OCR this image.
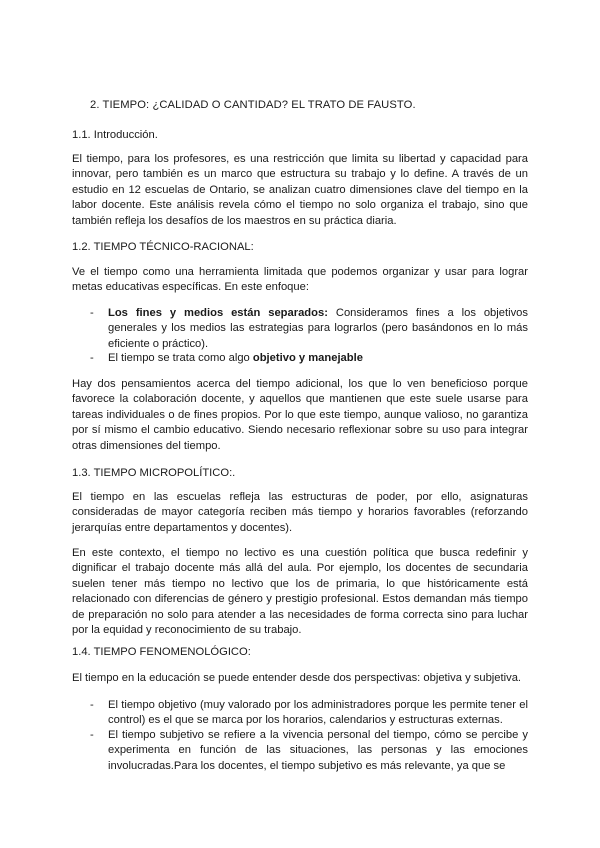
2. TIEMPO: ¿CALIDAD O CANTIDAD? EL TRATO DE FAUSTO.

1.1. Introducción.

El tiempo, para los profesores, es una restricción que limita su libertad y capacidad para innovar, pero también es un marco que estructura su trabajo y lo define. A través de un estudio en 12 escuelas de Ontario, se analizan cuatro dimensiones clave del tiempo en la labor docente. Este análisis revela cómo el tiempo no solo organiza el trabajo, sino que también refleja los desafíos de los maestros en su práctica diaria.

1.2. TIEMPO TÉCNICO-RACIONAL:

Ve el tiempo como una herramienta limitada que podemos organizar y usar para lograr metas educativas específicas. En este enfoque:

- Los fines y medios están separados: Consideramos fines a los objetivos generales y los medios las estrategias para lograrlos (pero basándonos en lo más eficiente o práctico).
- El tiempo se trata como algo objetivo y manejable

Hay dos pensamientos acerca del tiempo adicional, los que lo ven beneficioso porque favorece la colaboración docente, y aquellos que mantienen que este suele usarse para tareas individuales o de fines propios. Por lo que este tiempo, aunque valioso, no garantiza por sí mismo el cambio educativo. Siendo necesario reflexionar sobre su uso para integrar otras dimensiones del tiempo.

1.3. TIEMPO MICROPOLÍTICO:.

El tiempo en las escuelas refleja las estructuras de poder, por ello, asignaturas consideradas de mayor categoría reciben más tiempo y horarios favorables (reforzando jerarquías entre departamentos y docentes).

En este contexto, el tiempo no lectivo es una cuestión política que busca redefinir y dignificar el trabajo docente más allá del aula. Por ejemplo, los docentes de secundaria suelen tener más tiempo no lectivo que los de primaria, lo que históricamente está relacionado con diferencias de género y prestigio profesional. Estos demandan más tiempo de preparación no solo para atender a las necesidades de forma correcta sino para luchar por la equidad y reconocimiento de su trabajo.

1.4. TIEMPO FENOMENOLÓGICO:

El tiempo en la educación se puede entender desde dos perspectivas: objetiva y subjetiva.

- El tiempo objetivo (muy valorado por los administradores porque les permite tener el control) es el que se marca por los horarios, calendarios y estructuras externas.
- El tiempo subjetivo se refiere a la vivencia personal del tiempo, cómo se percibe y experimenta en función de las situaciones, las personas y las emociones involucradas.Para los docentes, el tiempo subjetivo es más relevante, ya que se
